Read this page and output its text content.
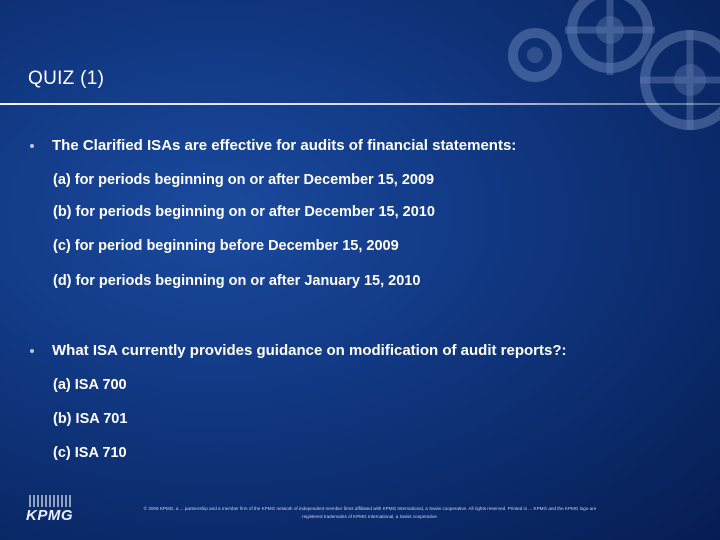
QUIZ (1)
The Clarified ISAs are effective for audits of financial statements:
(a) for periods beginning on or after December 15, 2009
(b) for periods beginning on or after December 15, 2010
(c) for period beginning before December 15, 2009
(d) for periods beginning on or after January 15, 2010
What ISA currently provides guidance on modification of audit reports?:
(a) ISA 700
(b) ISA 701
(c) ISA 710
KPMG	© 2009 KPMG, a ... partnership and a member firm of the KPMG network of independent member firms affiliated with KPMG International, a Swiss cooperative. All rights reserved. Printed in ... KPMG and the KPMG logo are
registered trademarks of KPMG International, a Swiss cooperative.
